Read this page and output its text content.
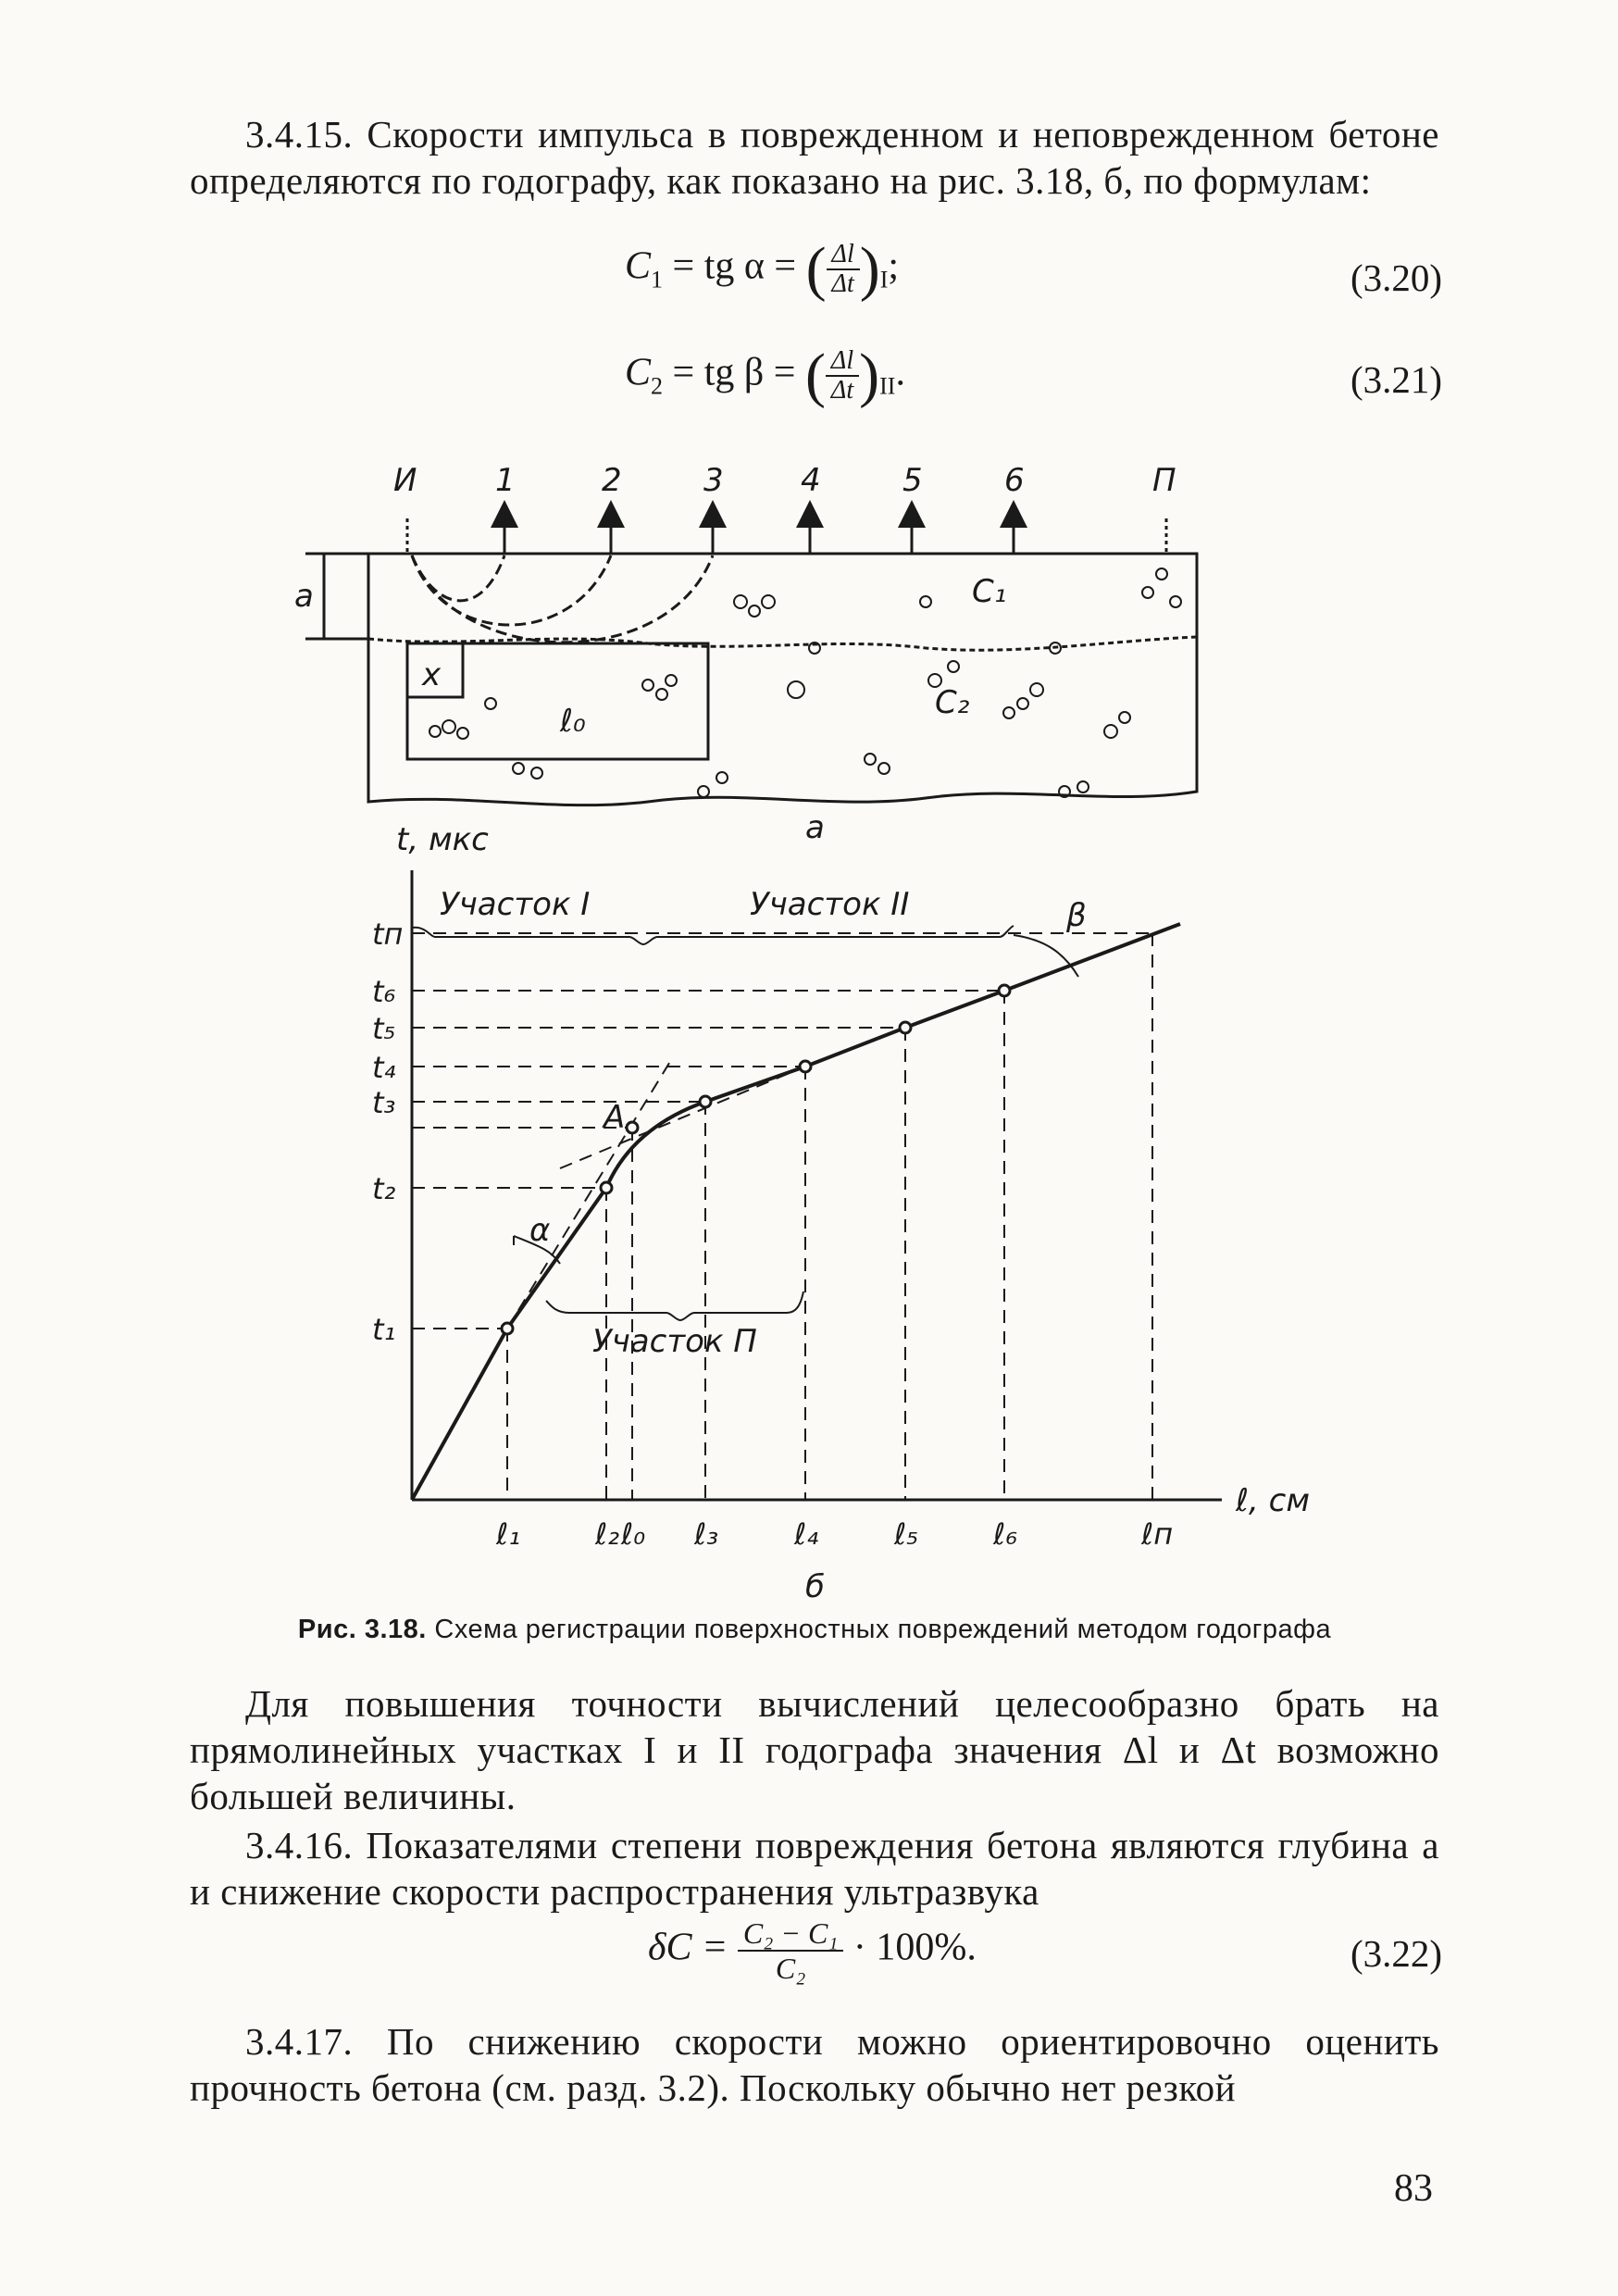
3.4.15. Скорости импульса в поврежденном и неповрежденном бетоне определяются по годографу, как показано на рис. 3.18, б, по формулам:

$C_1$ = tg α = ( $\frac{\Delta l}{\Delta t} )_I$;	(3.20)
$C_2$ = tg β = ( $\frac{\Delta l}{\Delta t} )_{II}$.	(3.21)
И 1	2	3 4	5	6	П
a
x
ℓ₀
C₁
C₂
а
t, мкс
ℓ, см
Участок I	Участок II
Участок П
А
α
β
б
tп
t₆
t₅
t₄
t₃
t₂
t₁
ℓ₁	ℓ₂ ℓ₀ ℓ₃	ℓ₄	ℓ₅	ℓ₆	ℓп
Рис. 3.18. Схема регистрации поверхностных повреждений методом годографа

Для повышения точности вычислений целесообразно брать на прямолинейных участках I и II годографа значения Δl и Δt возможно большей величины.

3.4.16. Показателями степени повреждения бетона являются глубина a и снижение скорости распространения ультразвука

$\delta C = \frac{\text{C₂ − C₁}}{\text{C₂}} \cdot 100\%$.	(3.22)

3.4.17. По снижению скорости можно ориентировочно оценить прочность бетона (см. разд. 3.2). Поскольку обычно нет резкой

83
